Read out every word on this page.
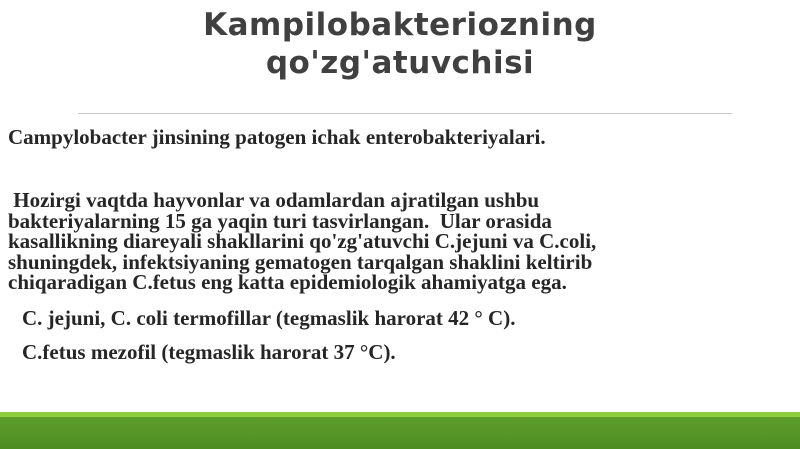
Kampilobakteriozning
qo'zg'atuvchisi
Campylobacter jinsining patogen ichak enterobakteriyalari.
Hozirgi vaqtda hayvonlar va odamlardan ajratilgan ushbu
bakteriyalarning 15 ga yaqin turi tasvirlangan.  Ular orasida
kasallikning diareyali shakllarini qo'zg'atuvchi C.jejuni va C.coli,
shuningdek, infektsiyaning gematogen tarqalgan shaklini keltirib
chiqaradigan C.fetus eng katta epidemiologik ahamiyatga ega.
C. jejuni, C. coli termofillar (tegmaslik harorat 42 ° C).
C.fetus mezofil (tegmaslik harorat 37 °C).
